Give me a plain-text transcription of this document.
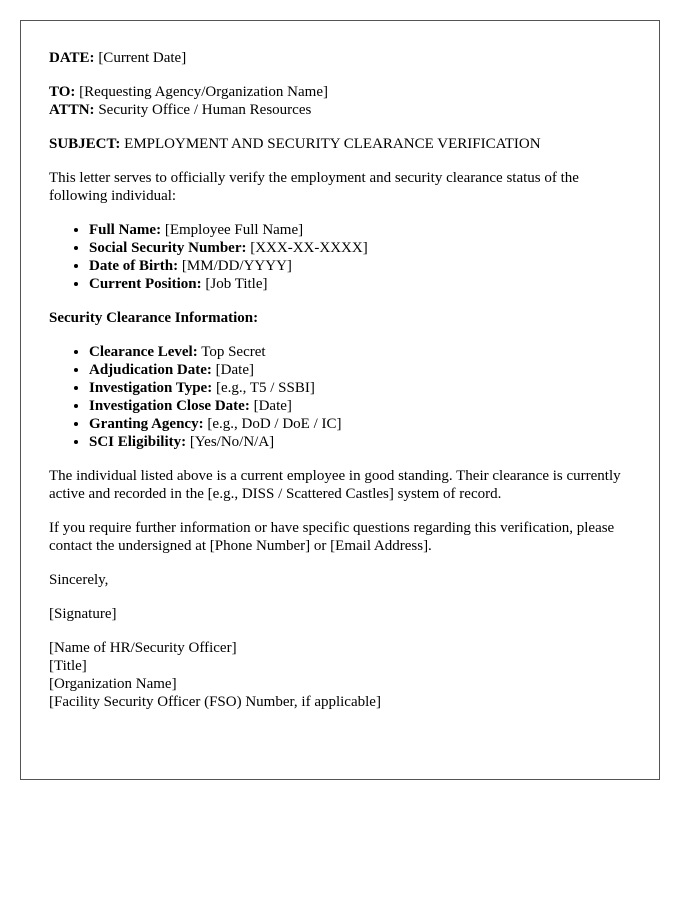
DATE: [Current Date]
TO: [Requesting Agency/Organization Name]
ATTN: Security Office / Human Resources
SUBJECT: EMPLOYMENT AND SECURITY CLEARANCE VERIFICATION
This letter serves to officially verify the employment and security clearance status of the following individual:
• Full Name: [Employee Full Name]
• Social Security Number: [XXX-XX-XXXX]
• Date of Birth: [MM/DD/YYYY]
• Current Position: [Job Title]
Security Clearance Information:
• Clearance Level: Top Secret
• Adjudication Date: [Date]
• Investigation Type: [e.g., T5 / SSBI]
• Investigation Close Date: [Date]
• Granting Agency: [e.g., DoD / DoE / IC]
• SCI Eligibility: [Yes/No/N/A]
The individual listed above is a current employee in good standing. Their clearance is currently active and recorded in the [e.g., DISS / Scattered Castles] system of record.
If you require further information or have specific questions regarding this verification, please contact the undersigned at [Phone Number] or [Email Address].
Sincerely,
[Signature]
[Name of HR/Security Officer]
[Title]
[Organization Name]
[Facility Security Officer (FSO) Number, if applicable]
